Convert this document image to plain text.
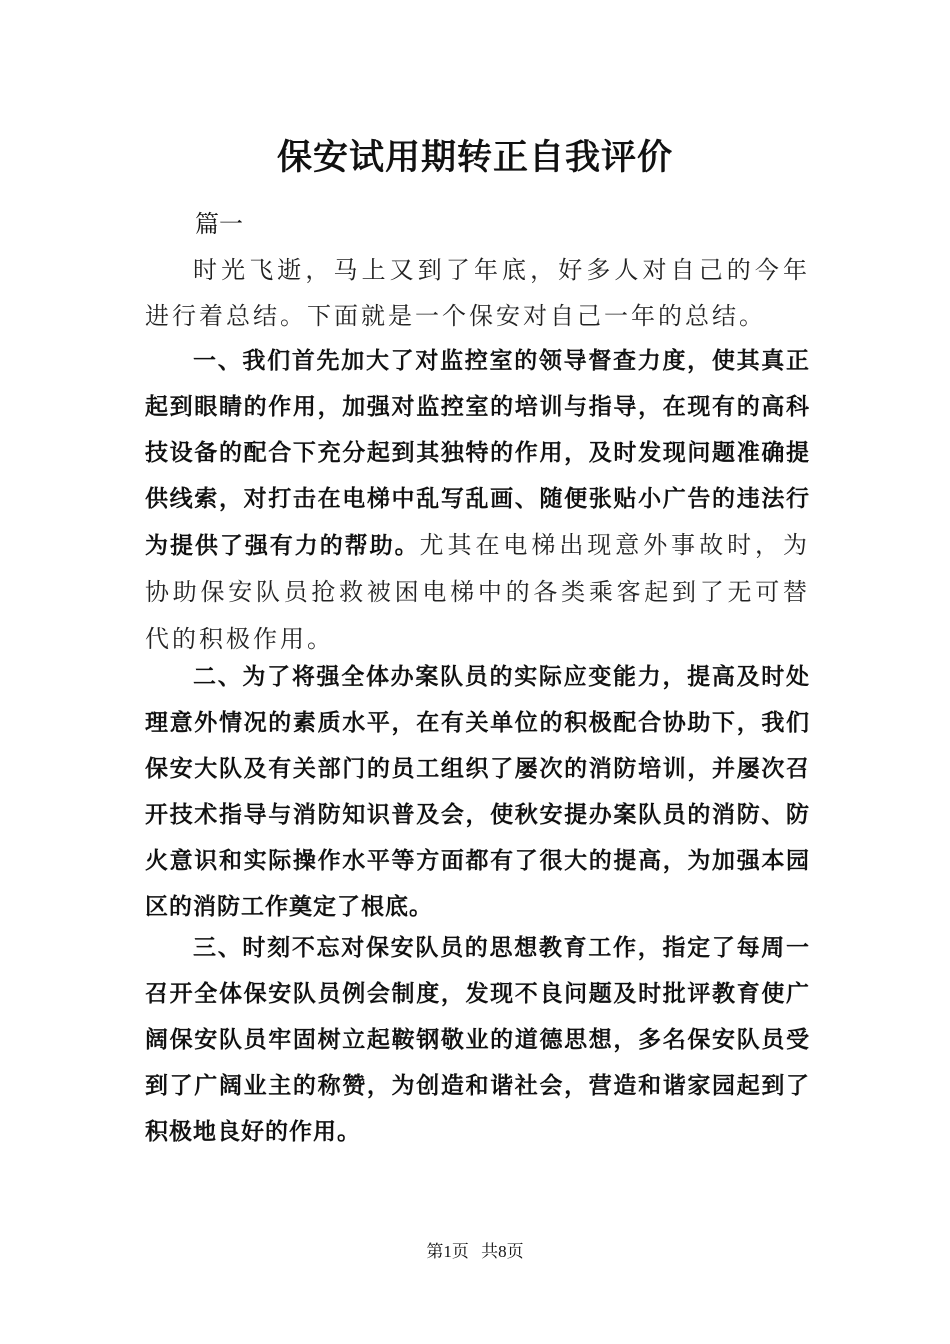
保安试用期转正自我评价
篇一

时光飞逝，马上又到了年底，好多人对自己的今年进行着总结。下面就是一个保安对自己一年的总结。

一、我们首先加大了对监控室的领导督查力度，使其真正起到眼睛的作用，加强对监控室的培训与指导，在现有的高科技设备的配合下充分起到其独特的作用，及时发现问题准确提供线索，对打击在电梯中乱写乱画、随便张贴小广告的违法行为提供了强有力的帮助。尤其在电梯出现意外事故时，为协助保安队员抢救被困电梯中的各类乘客起到了无可替代的积极作用。

二、为了将强全体办案队员的实际应变能力，提高及时处理意外情况的素质水平，在有关单位的积极配合协助下，我们保安大队及有关部门的员工组织了屡次的消防培训，并屡次召开技术指导与消防知识普及会，使秋安提办案队员的消防、防火意识和实际操作水平等方面都有了很大的提高，为加强本园区的消防工作奠定了根底。

三、时刻不忘对保安队员的思想教育工作，指定了每周一召开全体保安队员例会制度，发现不良问题及时批评教育使广阔保安队员牢固树立起鞍钢敬业的道德思想，多名保安队员受到了广阔业主的称赞，为创造和谐社会，营造和谐家园起到了积极地良好的作用。

第1页 共8页
